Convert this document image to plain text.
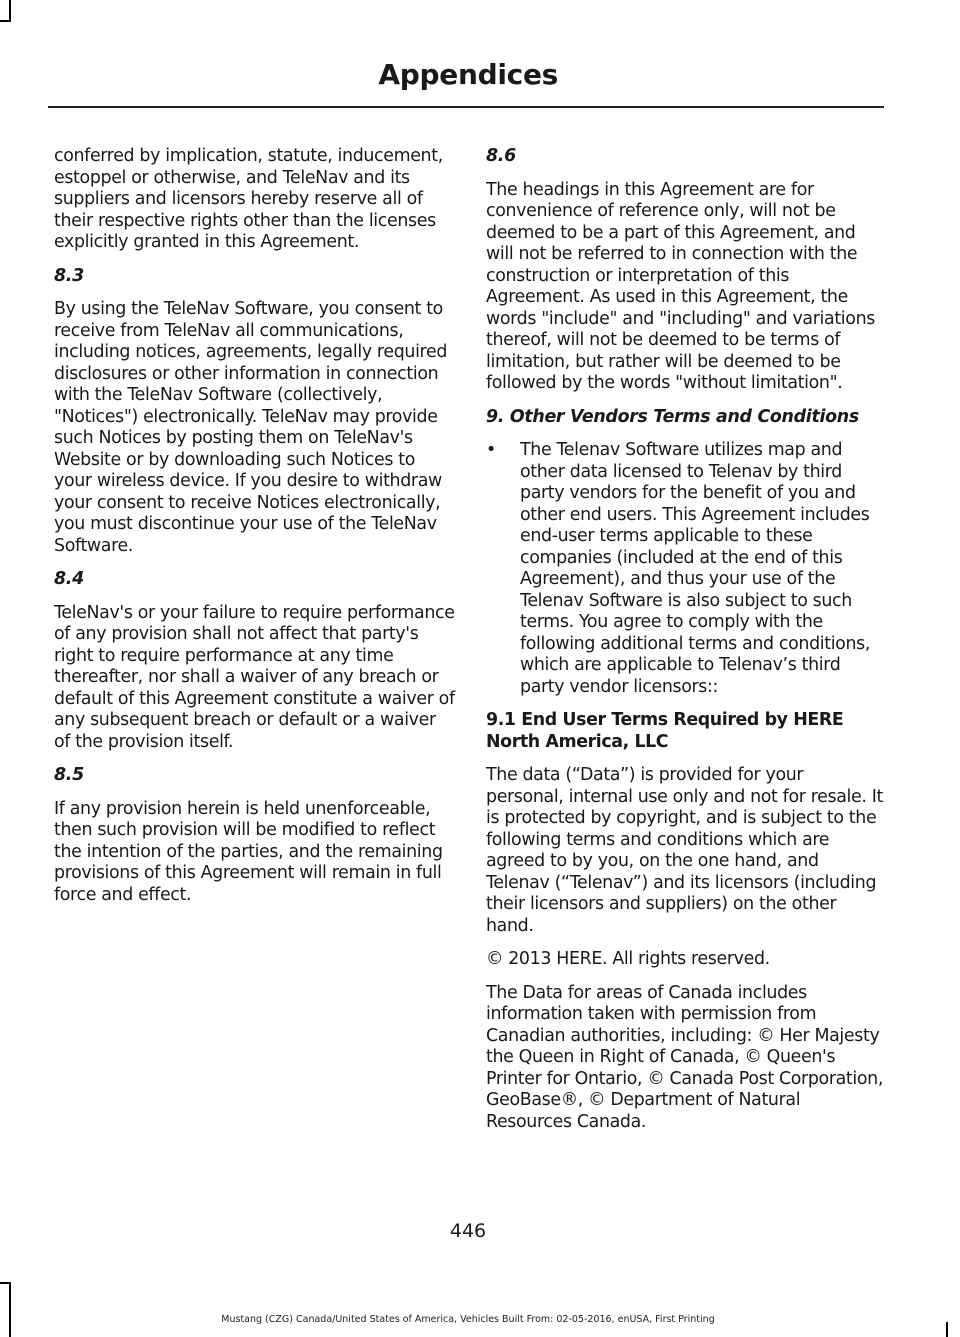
Appendices

conferred by implication, statute, inducement, estoppel or otherwise, and TeleNav and its suppliers and licensors hereby reserve all of their respective rights other than the licenses explicitly granted in this Agreement.

8.3

By using the TeleNav Software, you consent to receive from TeleNav all communications, including notices, agreements, legally required disclosures or other information in connection with the TeleNav Software (collectively, "Notices") electronically. TeleNav may provide such Notices by posting them on TeleNav's Website or by downloading such Notices to your wireless device. If you desire to withdraw your consent to receive Notices electronically, you must discontinue your use of the TeleNav Software.

8.4

TeleNav's or your failure to require performance of any provision shall not affect that party's right to require performance at any time thereafter, nor shall a waiver of any breach or default of this Agreement constitute a waiver of any subsequent breach or default or a waiver of the provision itself.

8.5

If any provision herein is held unenforceable, then such provision will be modified to reflect the intention of the parties, and the remaining provisions of this Agreement will remain in full force and effect.

8.6

The headings in this Agreement are for convenience of reference only, will not be deemed to be a part of this Agreement, and will not be referred to in connection with the construction or interpretation of this Agreement. As used in this Agreement, the words "include" and "including" and variations thereof, will not be deemed to be terms of limitation, but rather will be deemed to be followed by the words "without limitation".

9. Other Vendors Terms and Conditions
• The Telenav Software utilizes map and other data licensed to Telenav by third party vendors for the benefit of you and other end users. This Agreement includes end-user terms applicable to these companies (included at the end of this Agreement), and thus your use of the Telenav Software is also subject to such terms. You agree to comply with the following additional terms and conditions, which are applicable to Telenav’s third party vendor licensors::
9.1 End User Terms Required by HERE North America, LLC

The data (“Data”) is provided for your personal, internal use only and not for resale. It is protected by copyright, and is subject to the following terms and conditions which are agreed to by you, on the one hand, and Telenav (“Telenav”) and its licensors (including their licensors and suppliers) on the other hand.

© 2013 HERE. All rights reserved.

The Data for areas of Canada includes information taken with permission from Canadian authorities, including: © Her Majesty the Queen in Right of Canada, © Queen's Printer for Ontario, © Canada Post Corporation, GeoBase®, © Department of Natural Resources Canada.

446
Mustang (CZG) Canada/United States of America, Vehicles Built From: 02-05-2016, enUSA, First Printing
